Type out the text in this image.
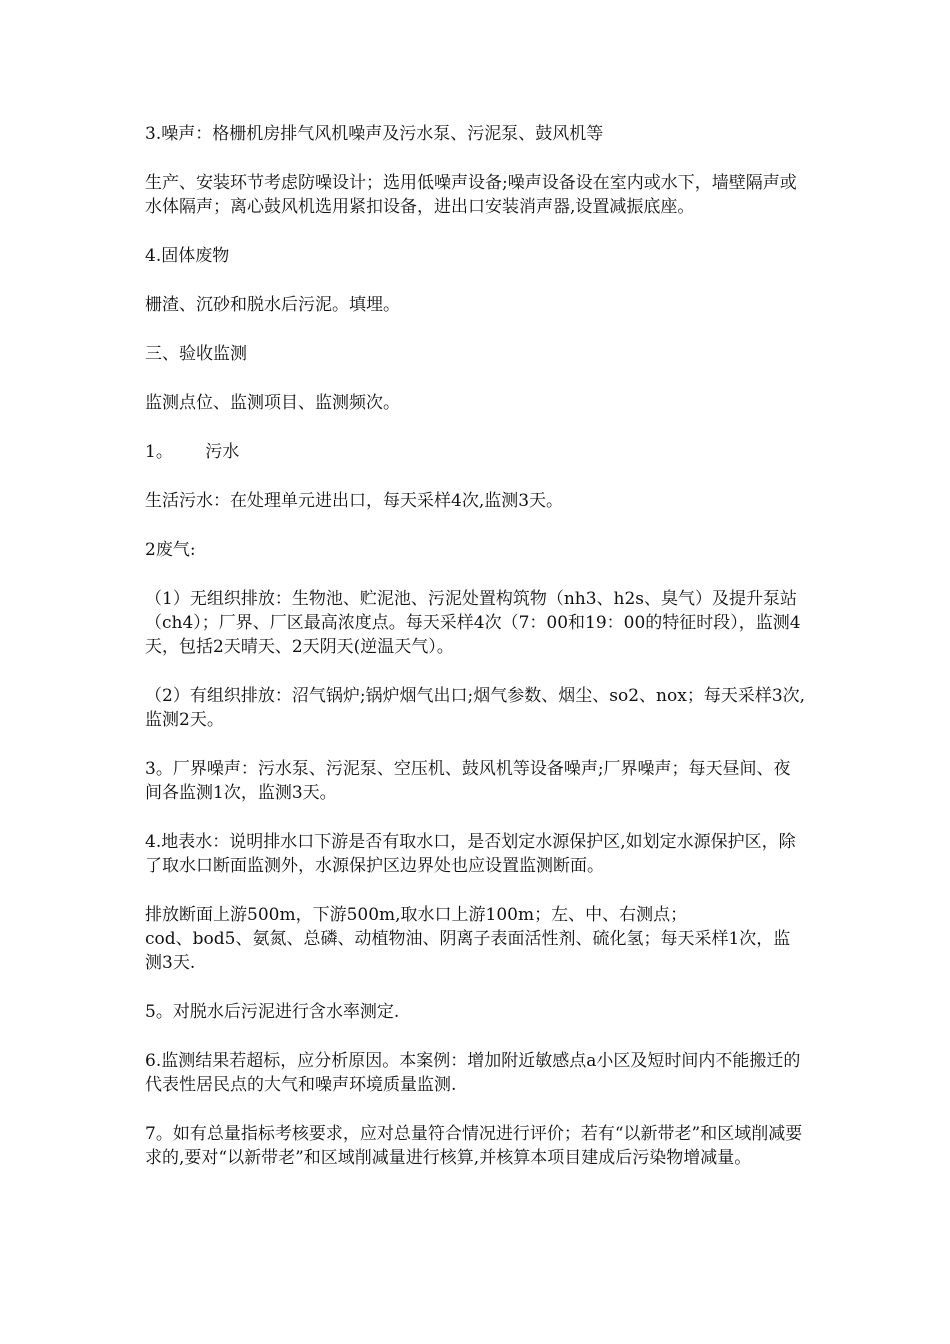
3.噪声：格栅机房排气风机噪声及污水泵、污泥泵、鼓风机等

生产、安装环节考虑防噪设计；选用低噪声设备;噪声设备设在室内或水下，墙壁隔声或水体隔声；离心鼓风机选用紧扣设备，进出口安装消声器,设置减振底座。

4.固体废物

栅渣、沉砂和脱水后污泥。填埋。

三、验收监测

监测点位、监测项目、监测频次。

1。      污水

生活污水：在处理单元进出口，每天采样4次,监测3天。

2废气:

（1）无组织排放：生物池、贮泥池、污泥处置构筑物（nh3、h2s、臭气）及提升泵站（ch4）；厂界、厂区最高浓度点。每天采样4次（7：00和19：00的特征时段），监测4天，包括2天晴天、2天阴天(逆温天气）。

（2）有组织排放：沼气锅炉;锅炉烟气出口;烟气参数、烟尘、so2、nox；每天采样3次,监测2天。

3。厂界噪声：污水泵、污泥泵、空压机、鼓风机等设备噪声;厂界噪声；每天昼间、夜间各监测1次，监测3天。

4.地表水：说明排水口下游是否有取水口，是否划定水源保护区,如划定水源保护区，除了取水口断面监测外，水源保护区边界处也应设置监测断面。

排放断面上游500m，下游500m,取水口上游100m；左、中、右测点；

cod、bod5、氨氮、总磷、动植物油、阴离子表面活性剂、硫化氢；每天采样1次，监测3天.

5。对脱水后污泥进行含水率测定.

6.监测结果若超标，应分析原因。本案例：增加附近敏感点a小区及短时间内不能搬迁的代表性居民点的大气和噪声环境质量监测.

7。如有总量指标考核要求，应对总量符合情况进行评价；若有“以新带老”和区域削减要求的,要对“以新带老”和区域削减量进行核算,并核算本项目建成后污染物增减量。
